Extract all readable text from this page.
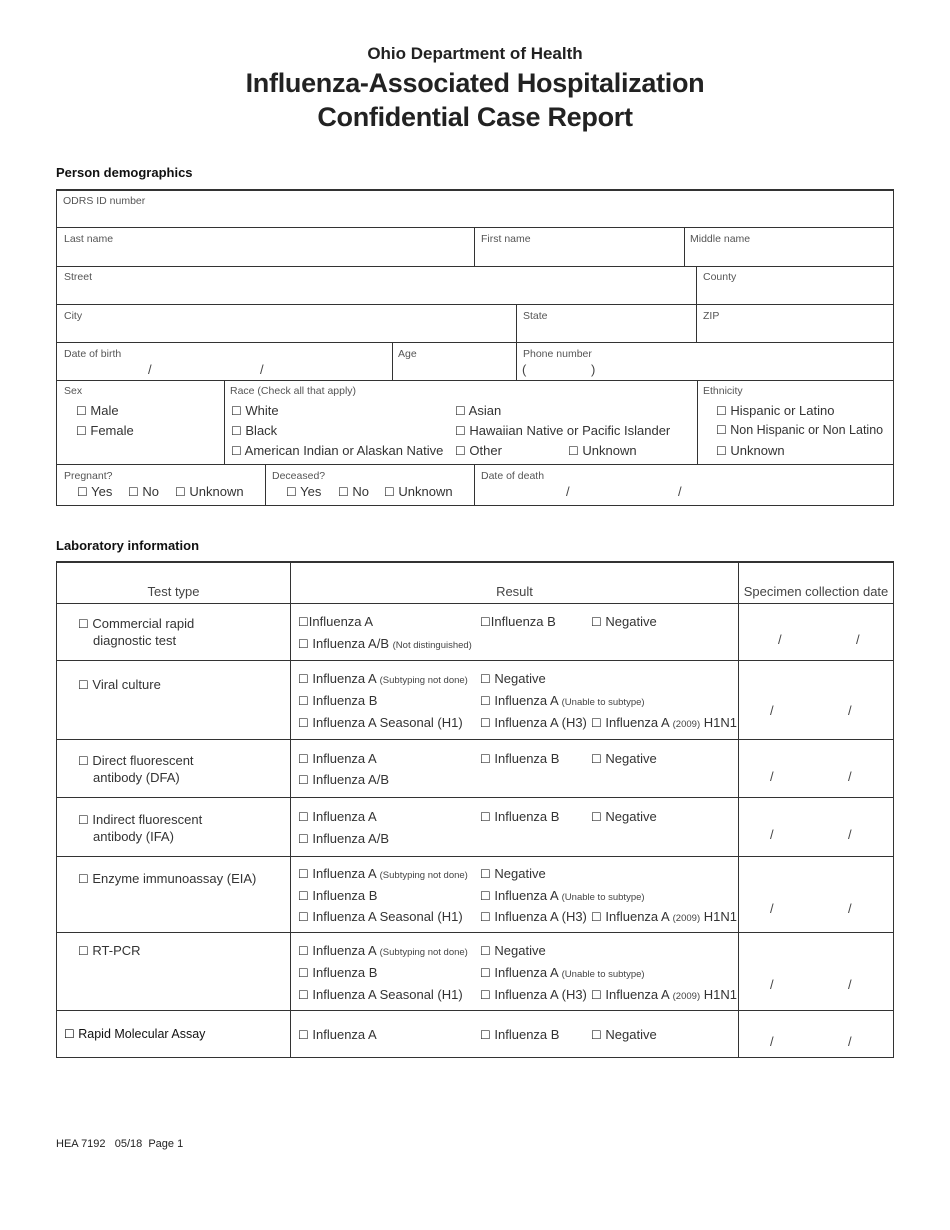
Ohio Department of Health
Influenza-Associated Hospitalization
Confidential Case Report
Person demographics
ODRS ID number
Last name	First name	Middle name
Street	County
City	State	ZIP
Date of birth
/	/
Age	Phone number
(	)
Sex
☐ Male
☐ Female
Race (Check all that apply)
☐ White
☐ Black
☐ American Indian or Alaskan Native
☐ Asian
☐ Hawaiian Native or Pacific Islander
☐ Other	☐ Unknown
Ethnicity
☐ Hispanic or Latino
☐ Non Hispanic or Non Latino
☐ Unknown
Pregnant?
☐ Yes ☐ No ☐ Unknown
Deceased?
☐ Yes ☐ No ☐ Unknown
Date of death
/	/
Laboratory information
Test type	Result	Specimen collection date
☐ Commercial rapid
diagnostic test
☐Influenza A	☐Influenza B	☐ Negative
☐ Influenza A/B (Not distinguished)	/	/
☐ Viral culture	☐ Influenza A (Subtyping not done) ☐ Negative
☐ Influenza B	☐ Influenza A (Unable to subtype)
☐ Influenza A Seasonal (H1) ☐ Influenza A (H3) ☐ Influenza A (2009) H1N1
/	/
☐ Direct fluorescent
antibody (DFA)
☐ Influenza A	☐ Influenza B	☐ Negative
☐ Influenza A/B	/	/
☐ Indirect fluorescent
antibody (IFA)
☐ Influenza A	☐ Influenza B	☐ Negative
☐ Influenza A/B	/	/
☐ Enzyme immunoassay (EIA)	☐ Influenza A (Subtyping not done) ☐ Negative
☐ Influenza B	☐ Influenza A (Unable to subtype)
☐ Influenza A Seasonal (H1) ☐ Influenza A (H3) ☐ Influenza A (2009) H1N1
/	/
☐ RT-PCR	☐ Influenza A (Subtyping not done) ☐ Negative
☐ Influenza B	☐ Influenza A (Unable to subtype)
☐ Influenza A Seasonal (H1) ☐ Influenza A (H3) ☐ Influenza A (2009) H1N1
/	/
☐ Rapid Molecular Assay	☐ Influenza A	☐ Influenza B	☐ Negative	/	/
HEA 7192   05/18  Page 1
